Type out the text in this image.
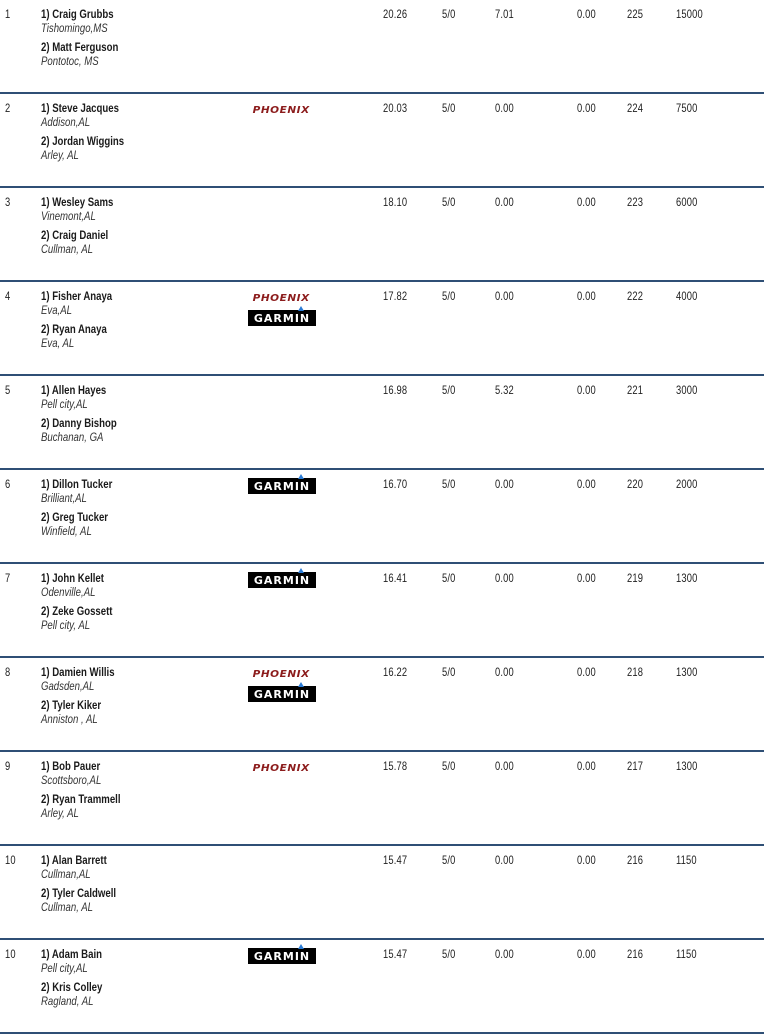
1	1) Craig Grubbs
Tishomingo,MS
2) Matt Ferguson
Pontotoc, MS
20.26	5/0	7.01	0.00	225	15000
2	1) Steve Jacques
Addison,AL
2) Jordan Wiggins
Arley, AL
PHOENIX	20.03	5/0	0.00	0.00	224	7500
3	1) Wesley Sams
Vinemont,AL
2) Craig Daniel
Cullman, AL
18.10	5/0	0.00	0.00	223	6000
4	1) Fisher Anaya
Eva,AL
2) Ryan Anaya
Eva, AL
PHOENIX
GARMIN
17.82	5/0	0.00	0.00	222	4000
5	1) Allen Hayes
Pell city,AL
2) Danny Bishop
Buchanan, GA
16.98	5/0	5.32	0.00	221	3000
6	1) Dillon Tucker
Brilliant,AL
2) Greg Tucker
Winfield, AL
GARMIN	16.70	5/0	0.00	0.00	220	2000
7	1) John Kellet
Odenville,AL
2) Zeke Gossett
Pell city, AL
GARMIN	16.41	5/0	0.00	0.00	219	1300
8	1) Damien Willis
Gadsden,AL
2) Tyler Kiker
Anniston , AL
PHOENIX
GARMIN
16.22	5/0	0.00	0.00	218	1300
9	1) Bob Pauer
Scottsboro,AL
2) Ryan Trammell
Arley, AL
PHOENIX	15.78	5/0	0.00	0.00	217	1300
10 1) Alan Barrett
Cullman,AL
2) Tyler Caldwell
Cullman, AL
15.47	5/0	0.00	0.00	216	1150
10 1) Adam Bain
Pell city,AL
2) Kris Colley
Ragland, AL
GARMIN	15.47	5/0	0.00	0.00	216	1150
